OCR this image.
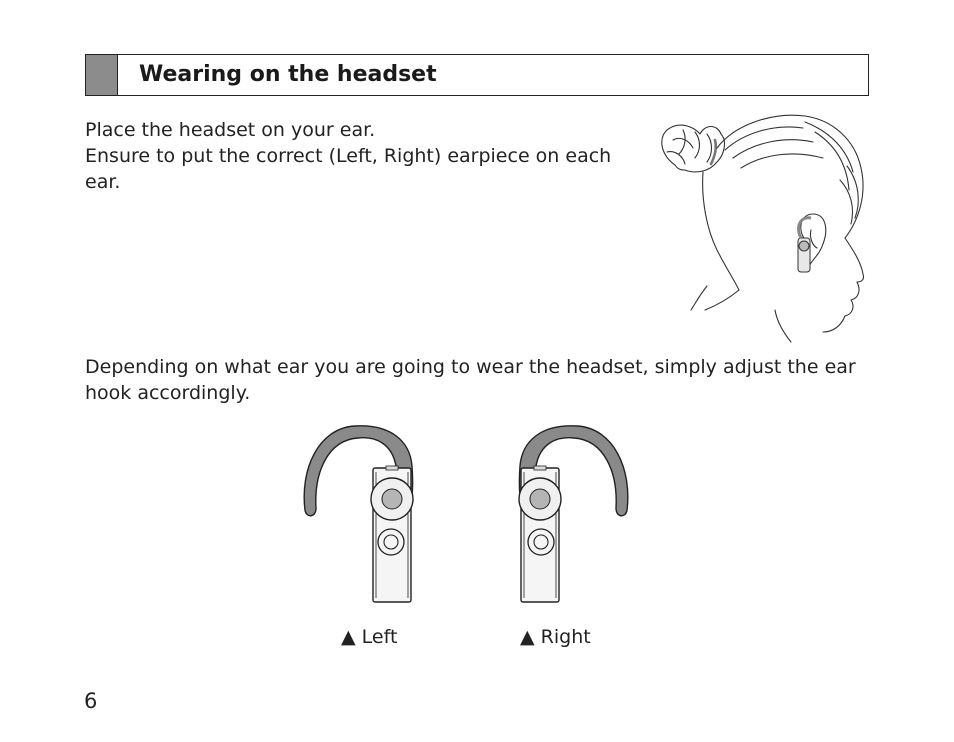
Wearing on the headset
Place the headset on your ear.
Ensure to put the correct (Left, Right) earpiece on each ear.
Depending on what ear you are going to wear the headset, simply adjust the ear hook accordingly.
▲ Left	▲ Right
6
